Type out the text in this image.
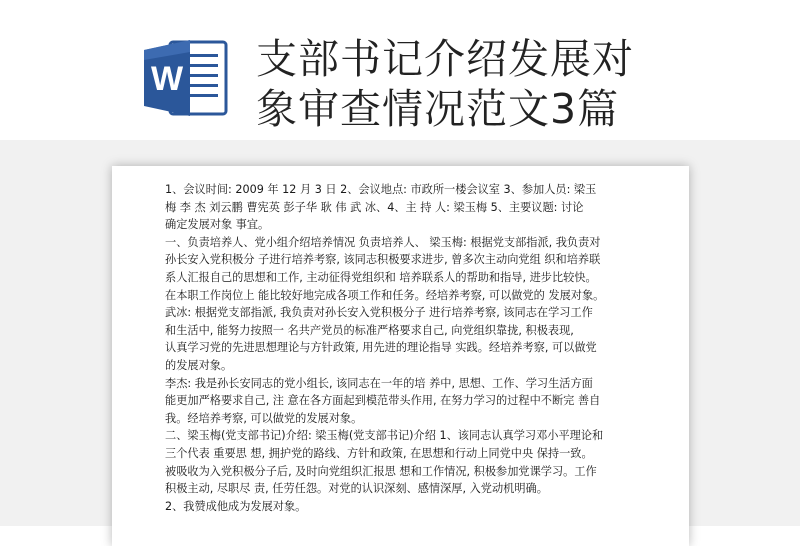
W 支部书记介绍发展对
象审查情况范文3篇
1、会议时间: 2009 年 12 月 3 日 2、会议地点: 市政所一楼会议室 3、参加人员: 梁玉
梅 李 杰 刘云鹏 曹宪英 彭子华 耿 伟 武 冰、4、主 持 人: 梁玉梅 5、主要议题: 讨论
确定发展对象 事宜。
一、负责培养人、党小组介绍培养情况 负责培养人、 梁玉梅: 根据党支部指派, 我负责对
孙长安入党积极分 子进行培养考察, 该同志积极要求进步, 曾多次主动向党组 织和培养联
系人汇报自己的思想和工作, 主动征得党组织和 培养联系人的帮助和指导, 进步比较快。
在本职工作岗位上 能比较好地完成各项工作和任务。经培养考察, 可以做党的 发展对象。
武冰: 根据党支部指派, 我负责对孙长安入党积极分子 进行培养考察, 该同志在学习工作
和生活中, 能努力按照一 名共产党员的标准严格要求自己, 向党组织靠拢, 积极表现,
认真学习党的先进思想理论与方针政策, 用先进的理论指导 实践。经培养考察, 可以做党
的发展对象。
李杰: 我是孙长安同志的党小组长, 该同志在一年的培 养中, 思想、工作、学习生活方面
能更加严格要求自己, 注 意在各方面起到模范带头作用, 在努力学习的过程中不断完 善自
我。经培养考察, 可以做党的发展对象。
二、梁玉梅(党支部书记)介绍: 梁玉梅(党支部书记)介绍 1、该同志认真学习邓小平理论和
三个代表 重要思 想, 拥护党的路线、方针和政策, 在思想和行动上同党中央 保持一致。
被吸收为入党积极分子后, 及时向党组织汇报思 想和工作情况, 积极参加党课学习。工作
积极主动, 尽职尽 责, 任劳任怨。对党的认识深刻、感情深厚, 入党动机明确。
2、我赞成他成为发展对象。
